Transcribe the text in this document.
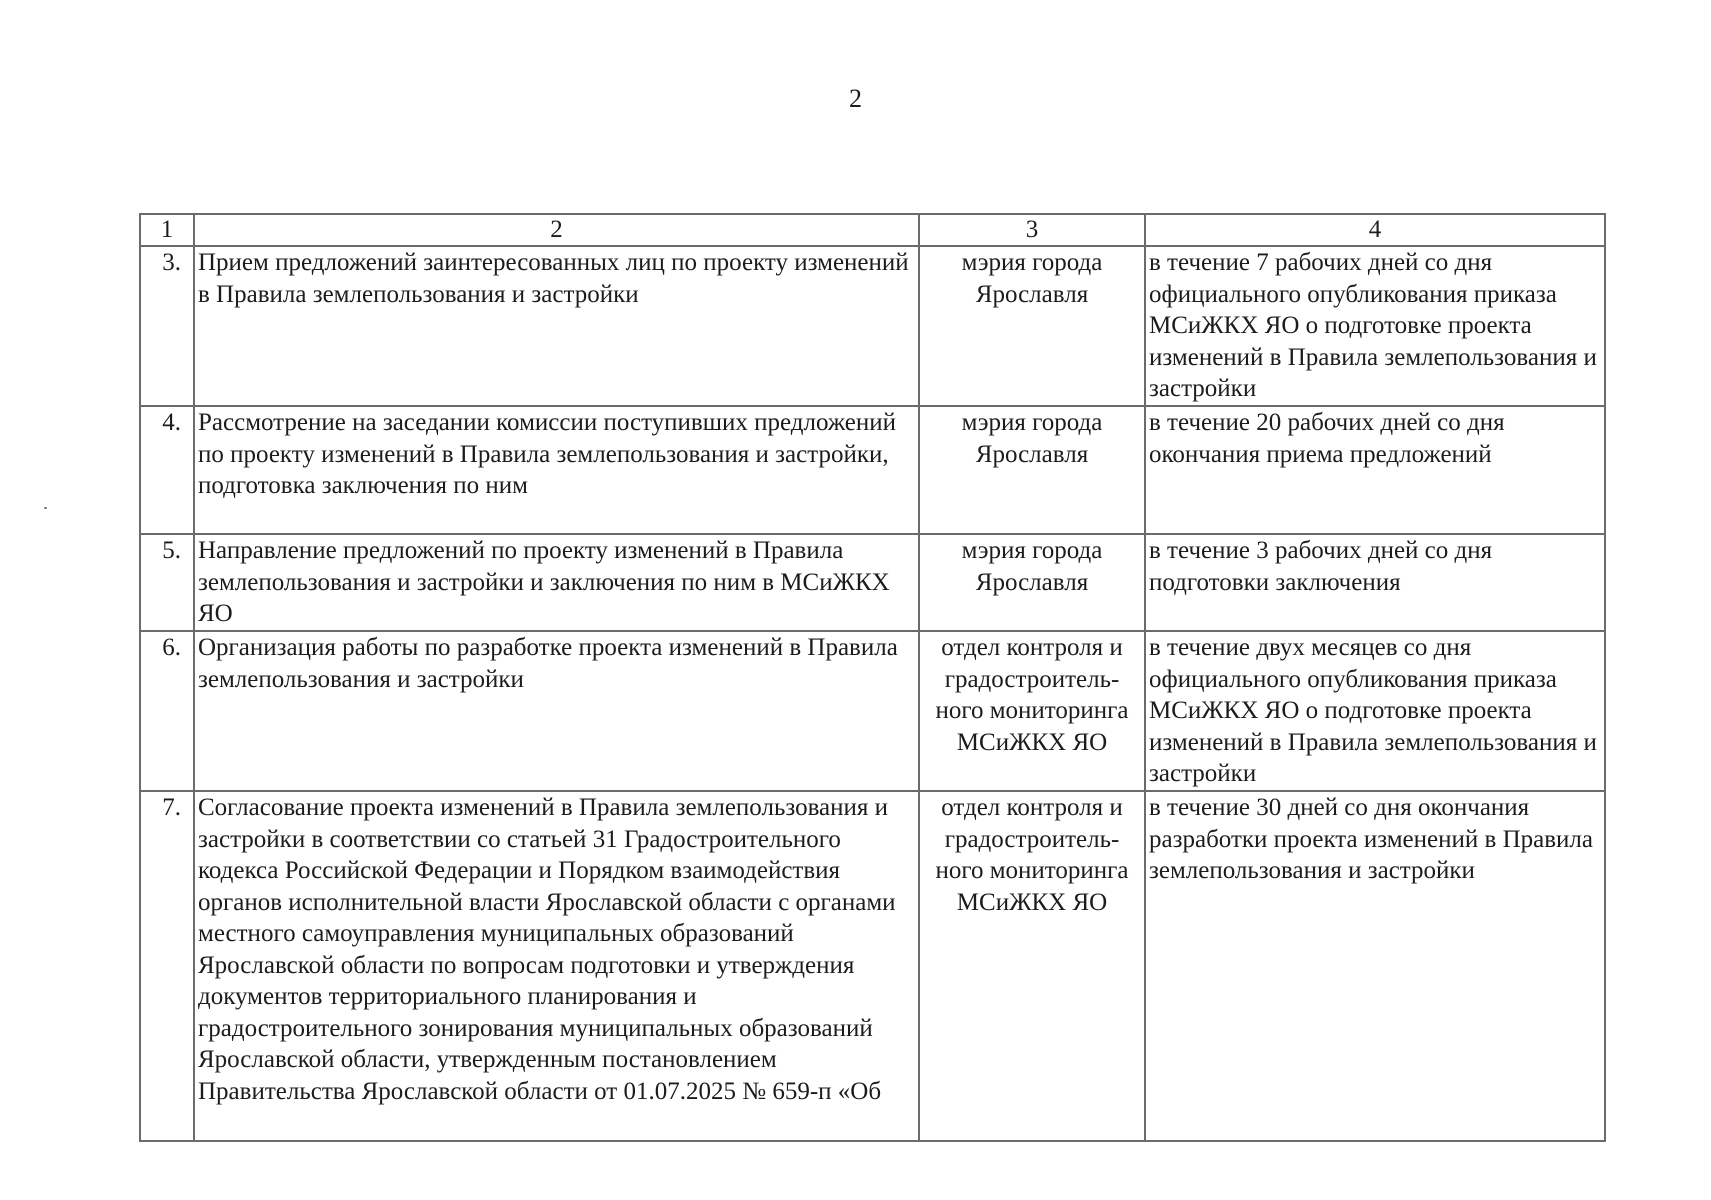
2
1	2	3	4
3.	Прием предложений заинтересованных лиц по проекту изменений в Правила землепользования и застройки	мэрия города Ярославля	в течение 7 рабочих дней со дня официального опубликования приказа МСиЖКХ ЯО о подготовке проекта изменений в Правила землепользования и застройки
4.	Рассмотрение на заседании комиссии поступивших предложений по проекту изменений в Правила землепользования и застройки, подготовка заключения по ним	мэрия города Ярославля	в течение 20 рабочих дней со дня окончания приема предложений
5.	Направление предложений по проекту изменений в Правила землепользования и застройки и заключения по ним в МСиЖКХ ЯО	мэрия города Ярославля	в течение 3 рабочих дней со дня подготовки заключения
6.	Организация работы по разработке проекта изменений в Правила землепользования и застройки	отдел контроля и градостроитель-ного мониторинга МСиЖКХ ЯО	в течение двух месяцев со дня официального опубликования приказа МСиЖКХ ЯО о подготовке проекта изменений в Правила землепользования и застройки
7.	Согласование проекта изменений в Правила землепользования и застройки в соответствии со статьей 31 Градостроительного кодекса Российской Федерации и Порядком взаимодействия органов исполнительной власти Ярославской области с органами местного самоуправления муниципальных образований Ярославской области по вопросам подготовки и утверждения документов территориального планирования и градостроительного зонирования муниципальных образований Ярославской области, утвержденным постановлением Правительства Ярославской области от 01.07.2025 № 659-п «Об	отдел контроля и градостроитель-ного мониторинга МСиЖКХ ЯО	в течение 30 дней со дня окончания разработки проекта изменений в Правила землепользования и застройки
